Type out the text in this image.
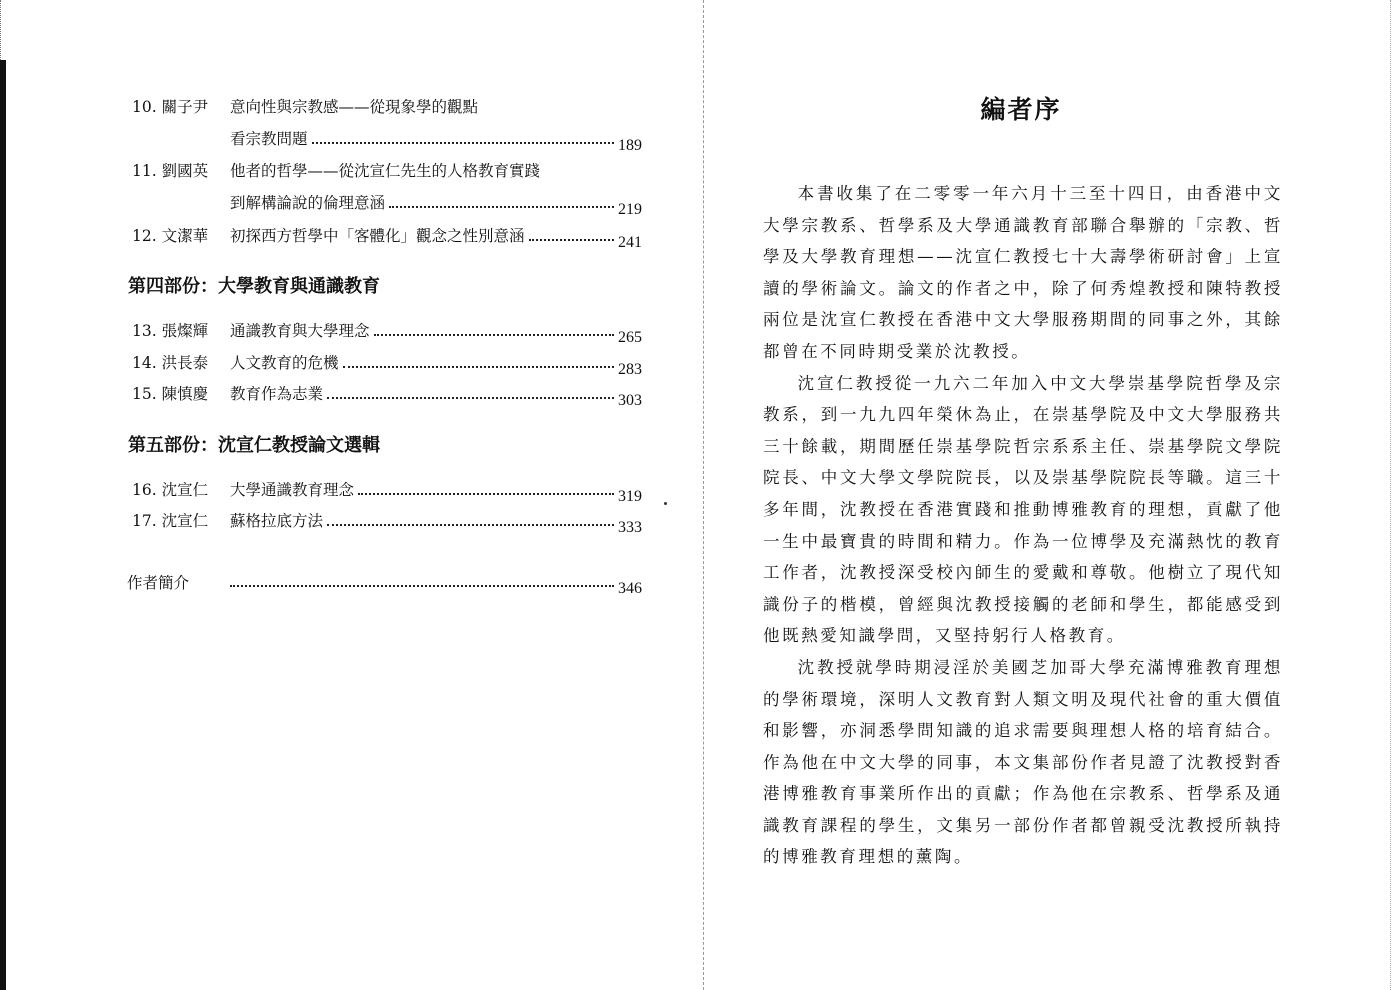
10. 關子尹 意向性與宗教感——從現象學的觀點
看宗教問題	189
11. 劉國英 他者的哲學——從沈宣仁先生的人格教育實踐
到解構論說的倫理意涵	219
12. 文潔華 初探西方哲學中「客體化」觀念之性別意涵	241
第四部份：大學教育與通識教育
13. 張燦輝 通識教育與大學理念	265
14. 洪長泰 人文教育的危機	283
15. 陳慎慶 教育作為志業	303
第五部份：沈宣仁教授論文選輯
16. 沈宣仁 大學通識教育理念	319
17. 沈宣仁 蘇格拉底方法	333
作者簡介	346
編者序

本書收集了在二零零一年六月十三至十四日，由香港中文大學宗教系、哲學系及大學通識教育部聯合舉辦的「宗教、哲學及大學教育理想——沈宣仁教授七十大壽學術研討會」上宣讀的學術論文。論文的作者之中，除了何秀煌教授和陳特教授兩位是沈宣仁教授在香港中文大學服務期間的同事之外，其餘都曾在不同時期受業於沈教授。

沈宣仁教授從一九六二年加入中文大學崇基學院哲學及宗教系，到一九九四年榮休為止，在崇基學院及中文大學服務共三十餘載，期間歷任崇基學院哲宗系系主任、崇基學院文學院院長、中文大學文學院院長，以及崇基學院院長等職。這三十多年間，沈教授在香港實踐和推動博雅教育的理想，貢獻了他一生中最寶貴的時間和精力。作為一位博學及充滿熱忱的教育工作者，沈教授深受校內師生的愛戴和尊敬。他樹立了現代知識份子的楷模，曾經與沈教授接觸的老師和學生，都能感受到他既熱愛知識學問，又堅持躬行人格教育。

沈教授就學時期浸淫於美國芝加哥大學充滿博雅教育理想的學術環境，深明人文教育對人類文明及現代社會的重大價值和影響，亦洞悉學問知識的追求需要與理想人格的培育結合。作為他在中文大學的同事，本文集部份作者見證了沈教授對香港博雅教育事業所作出的貢獻；作為他在宗教系、哲學系及通識教育課程的學生，文集另一部份作者都曾親受沈教授所執持的博雅教育理想的薰陶。
